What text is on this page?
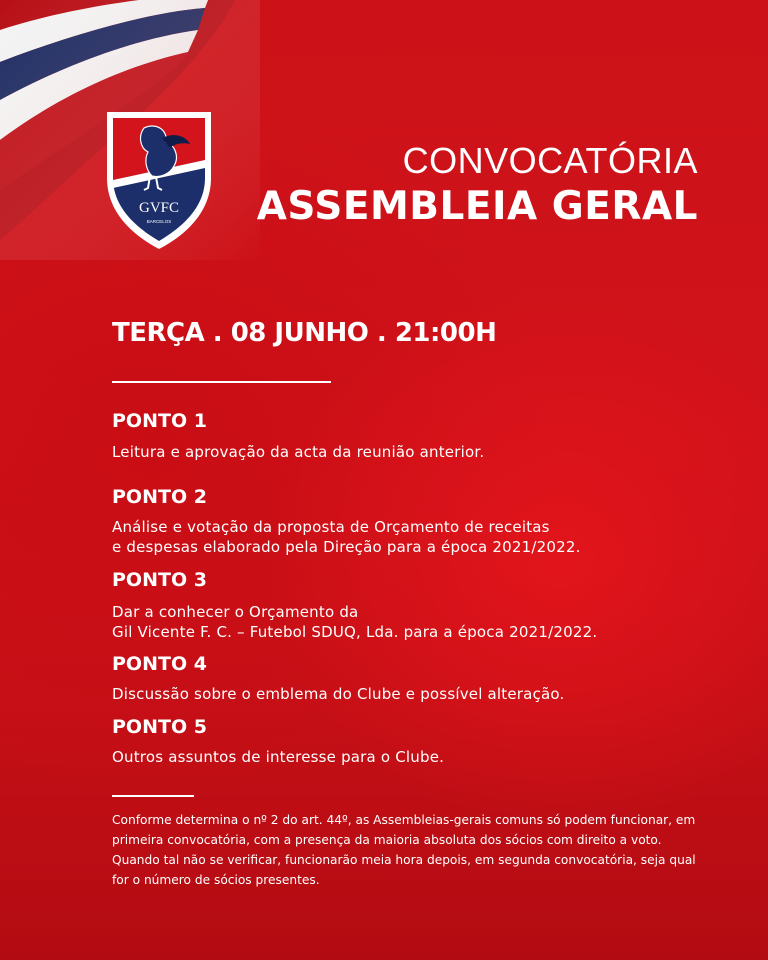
GVFC
BARCELOS
CONVOCATÓRIA
ASSEMBLEIA GERAL
TERÇA . 08 JUNHO . 21:00H
PONTO 1
Leitura e aprovação da acta da reunião anterior.
PONTO 2
Análise e votação da proposta de Orçamento de receitas
e despesas elaborado pela Direção para a época 2021/2022.
PONTO 3
Dar a conhecer o Orçamento da
Gil Vicente F. C. – Futebol SDUQ, Lda. para a época 2021/2022.
PONTO 4
Discussão sobre o emblema do Clube e possível alteração.
PONTO 5
Outros assuntos de interesse para o Clube.
Conforme determina o nº 2 do art. 44º, as Assembleias-gerais comuns só podem funcionar, em
primeira convocatória, com a presença da maioria absoluta dos sócios com direito a voto.
Quando tal não se verificar, funcionarão meia hora depois, em segunda convocatória, seja qual
for o número de sócios presentes.
